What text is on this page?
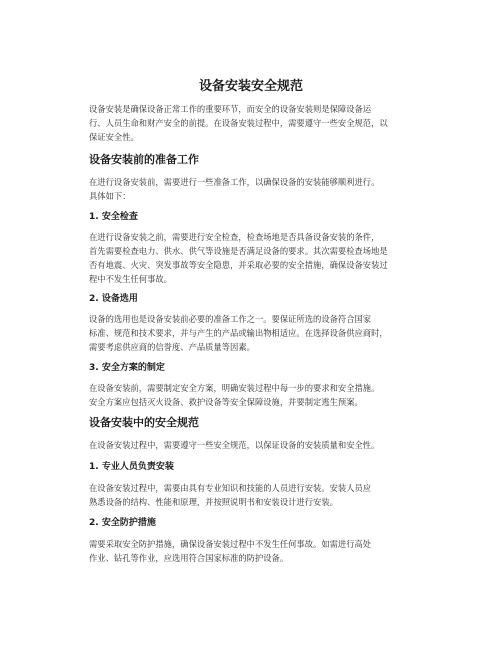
设备安装安全规范

设备安装是确保设备正常工作的重要环节，而安全的设备安装则是保障设备运
行、人员生命和财产安全的前提。在设备安装过程中，需要遵守一些安全规范，以
保证安全性。

设备安装前的准备工作

在进行设备安装前，需要进行一些准备工作，以确保设备的安装能够顺利进行。
具体如下：

1. 安全检查

在进行设备安装之前，需要进行安全检查，检查场地是否具备设备安装的条件，
首先需要检查电力、供水、供气等设施是否满足设备的要求。其次需要检查场地是
否有地震、火灾、突发事故等安全隐患，并采取必要的安全措施，确保设备安装过
程中不发生任何事故。

2. 设备选用

设备的选用也是设备安装前必要的准备工作之一。要保证所选的设备符合国家
标准、规范和技术要求，并与产生的产品或输出物相适应。在选择设备供应商时，
需要考虑供应商的信誉度、产品质量等因素。

3. 安全方案的制定

在设备安装前，需要制定安全方案，明确安装过程中每一步的要求和安全措施。
安全方案应包括灭火设备、救护设备等安全保障设施，并要制定逃生预案。

设备安装中的安全规范

在设备安装过程中，需要遵守一些安全规范，以保证设备的安装质量和安全性。

1. 专业人员负责安装

在设备安装过程中，需要由具有专业知识和技能的人员进行安装。安装人员应
熟悉设备的结构、性能和原理，并按照说明书和安装设计进行安装。

2. 安全防护措施

需要采取安全防护措施，确保设备安装过程中不发生任何事故。如需进行高处
作业、钻孔等作业，应选用符合国家标准的防护设备。
